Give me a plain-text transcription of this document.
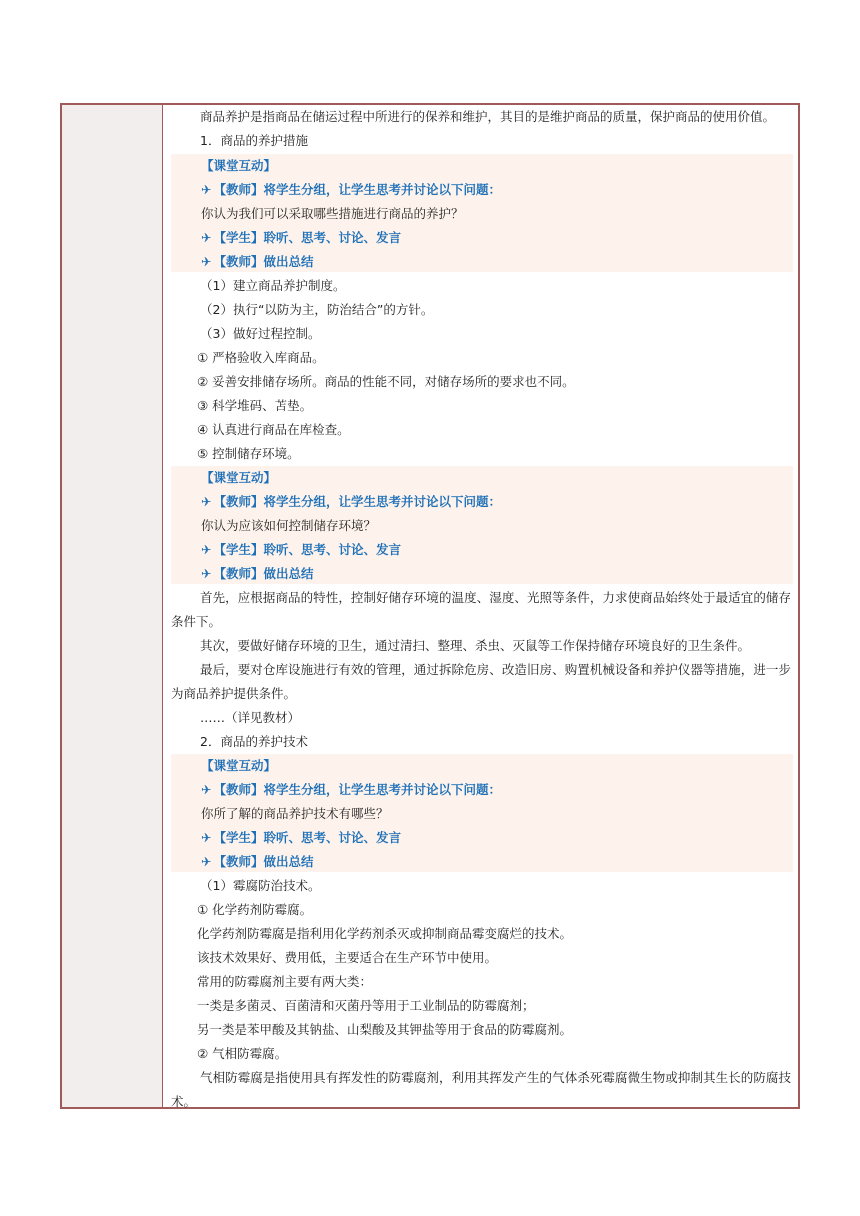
商品养护是指商品在储运过程中所进行的保养和维护，其目的是维护商品的质量，保护商品的使用价值。
1．商品的养护措施
【课堂互动】
✈ 【教师】将学生分组，让学生思考并讨论以下问题：
你认为我们可以采取哪些措施进行商品的养护？
✈ 【学生】聆听、思考、讨论、发言
✈ 【教师】做出总结
（1）建立商品养护制度。
（2）执行“以防为主，防治结合”的方针。
（3）做好过程控制。
① 严格验收入库商品。
② 妥善安排储存场所。商品的性能不同，对储存场所的要求也不同。
③ 科学堆码、苫垫。
④ 认真进行商品在库检查。
⑤ 控制储存环境。
【课堂互动】
✈ 【教师】将学生分组，让学生思考并讨论以下问题：
你认为应该如何控制储存环境？
✈ 【学生】聆听、思考、讨论、发言
✈ 【教师】做出总结
首先，应根据商品的特性，控制好储存环境的温度、湿度、光照等条件，力求使商品始终处于最适宜的储存条件下。
其次，要做好储存环境的卫生，通过清扫、整理、杀虫、灭鼠等工作保持储存环境良好的卫生条件。
最后，要对仓库设施进行有效的管理，通过拆除危房、改造旧房、购置机械设备和养护仪器等措施，进一步为商品养护提供条件。
……（详见教材）
2．商品的养护技术
【课堂互动】
✈ 【教师】将学生分组，让学生思考并讨论以下问题：
你所了解的商品养护技术有哪些？
✈ 【学生】聆听、思考、讨论、发言
✈ 【教师】做出总结
（1）霉腐防治技术。
① 化学药剂防霉腐。
化学药剂防霉腐是指利用化学药剂杀灭或抑制商品霉变腐烂的技术。
该技术效果好、费用低，主要适合在生产环节中使用。
常用的防霉腐剂主要有两大类：
一类是多菌灵、百菌清和灭菌丹等用于工业制品的防霉腐剂；
另一类是苯甲酸及其钠盐、山梨酸及其钾盐等用于食品的防霉腐剂。
② 气相防霉腐。
气相防霉腐是指使用具有挥发性的防霉腐剂，利用其挥发产生的气体杀死霉腐微生物或抑制其生长的防腐技术。
